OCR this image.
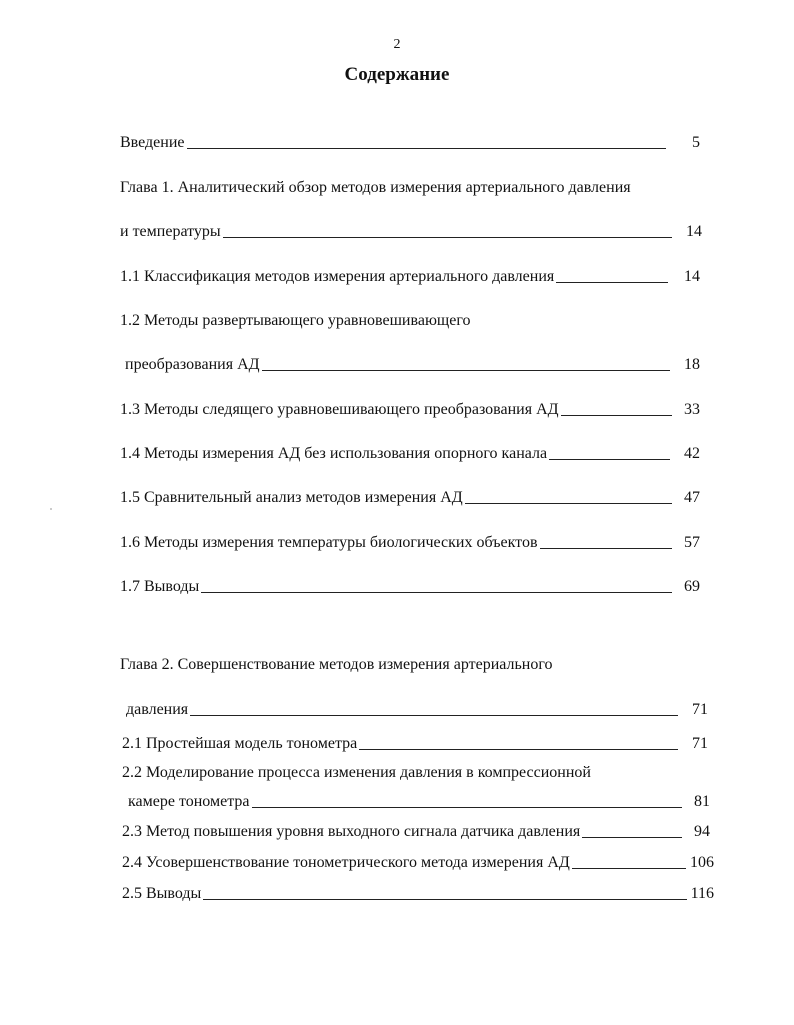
2
Содержание
Введение	5
Глава 1. Аналитический обзор методов измерения артериального давления
и температуры	14
1.1 Классификация методов измерения артериального давления	14
1.2 Методы развертывающего уравновешивающего
преобразования АД	18
1.3 Методы следящего уравновешивающего преобразования АД	33
1.4 Методы измерения АД без использования опорного канала	42
1.5 Сравнительный анализ методов измерения АД	47
1.6 Методы измерения температуры биологических объектов	57
1.7 Выводы	69
Глава 2. Совершенствование методов измерения артериального
давления	71
2.1 Простейшая модель тонометра	71
2.2 Моделирование процесса изменения давления в компрессионной
камере тонометра	81
2.3 Метод повышения уровня выходного сигнала датчика давления	94
2.4 Усовершенствование тонометрического метода измерения АД	106
2.5 Выводы	116
